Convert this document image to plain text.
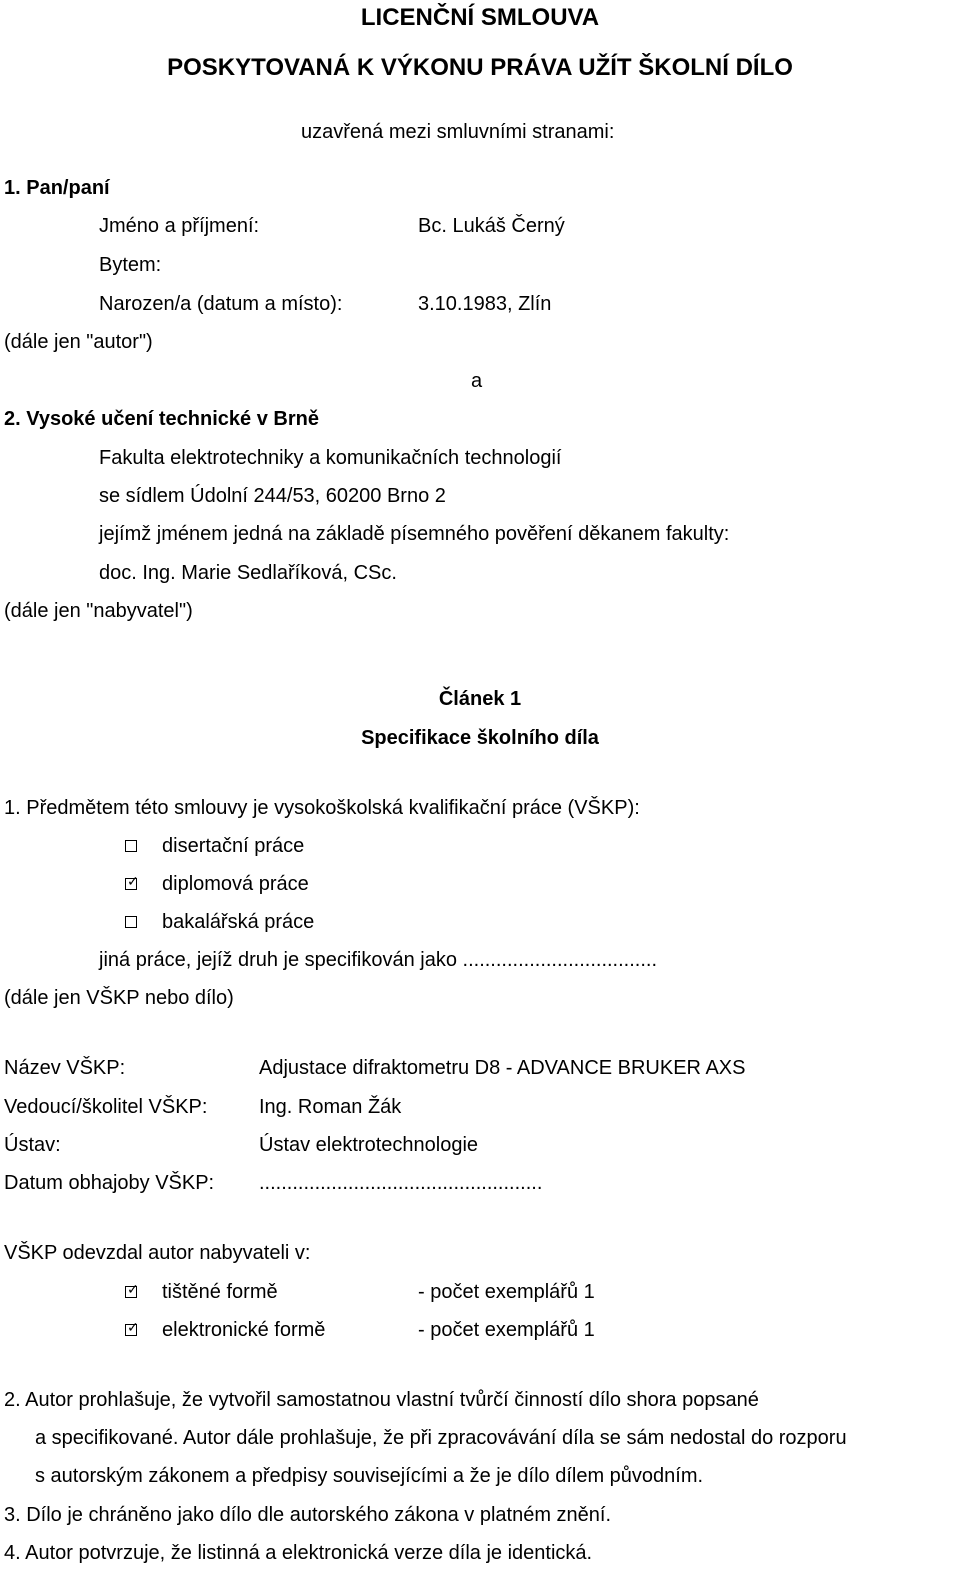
LICENČNÍ SMLOUVA
POSKYTOVANÁ K VÝKONU PRÁVA UŽÍT ŠKOLNÍ DÍLO
uzavřená mezi smluvními stranami:
1. Pan/paní
Jméno a příjmení:	Bc. Lukáš Černý
Bytem:
Narozen/a (datum a místo):	3.10.1983, Zlín
(dále jen "autor")
a
2. Vysoké učení technické v Brně
Fakulta elektrotechniky a komunikačních technologií
se sídlem Údolní 244/53, 60200 Brno 2
jejímž jménem jedná na základě písemného pověření děkanem fakulty:
doc. Ing. Marie Sedlaříková, CSc.
(dále jen "nabyvatel")
Článek 1
Specifikace školního díla
1. Předmětem této smlouvy je vysokoškolská kvalifikační práce (VŠKP):
disertační práce
✓ diplomová práce
bakalářská práce
jiná práce, jejíž druh je specifikován jako ...................................
(dále jen VŠKP nebo dílo)
Název VŠKP:	Adjustace difraktometru D8 - ADVANCE BRUKER AXS
Vedoucí/školitel VŠKP:	Ing. Roman Žák
Ústav:	Ústav elektrotechnologie
Datum obhajoby VŠKP: ...................................................
VŠKP odevzdal autor nabyvateli v:
✓ tištěné formě	- počet exemplářů 1
✓ elektronické formě	- počet exemplářů 1
2. Autor prohlašuje, že vytvořil samostatnou vlastní tvůrčí činností dílo shora popsané
a specifikované. Autor dále prohlašuje, že při zpracovávání díla se sám nedostal do rozporu
s autorským zákonem a předpisy souvisejícími a že je dílo dílem původním.
3. Dílo je chráněno jako dílo dle autorského zákona v platném znění.
4. Autor potvrzuje, že listinná a elektronická verze díla je identická.
